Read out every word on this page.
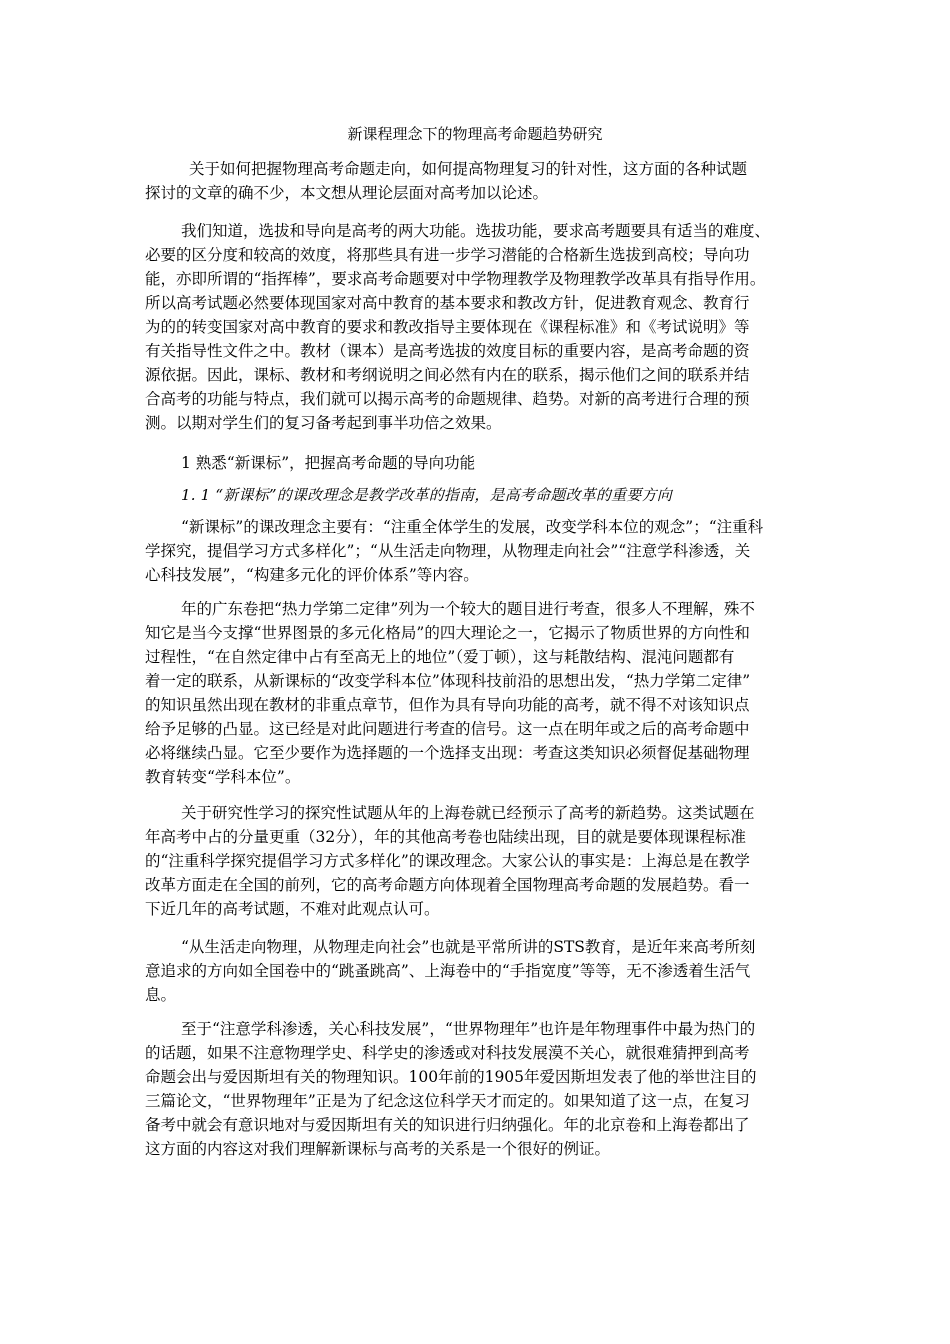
新课程理念下的物理高考命题趋势研究
关于如何把握物理高考命题走向，如何提高物理复习的针对性，这方面的各种试题
探讨的文章的确不少，本文想从理论层面对高考加以论述。
我们知道，选拔和导向是高考的两大功能。选拔功能，要求高考题要具有适当的难度、
必要的区分度和较高的效度，将那些具有进一步学习潜能的合格新生选拔到高校；导向功
能，亦即所谓的“指挥棒”，要求高考命题要对中学物理教学及物理教学改革具有指导作用。
所以高考试题必然要体现国家对高中教育的基本要求和教改方针，促进教育观念、教育行
为的的转变国家对高中教育的要求和教改指导主要体现在《课程标准》和《考试说明》等
有关指导性文件之中。教材（课本）是高考选拔的效度目标的重要内容，是高考命题的资
源依据。因此，课标、教材和考纲说明之间必然有内在的联系，揭示他们之间的联系并结
合高考的功能与特点，我们就可以揭示高考的命题规律、趋势。对新的高考进行合理的预
测。以期对学生们的复习备考起到事半功倍之效果。
1 熟悉“新课标”，把握高考命题的导向功能
1. 1 “新课标”的课改理念是教学改革的指南，是高考命题改革的重要方向
“新课标”的课改理念主要有：“注重全体学生的发展，改变学科本位的观念”；“注重科
学探究，提倡学习方式多样化”；“从生活走向物理，从物理走向社会”“注意学科渗透，关
心科技发展”，“构建多元化的评价体系”等内容。
年的广东卷把“热力学第二定律”列为一个较大的题目进行考查，很多人不理解，殊不
知它是当今支撑“世界图景的多元化格局”的四大理论之一，它揭示了物质世界的方向性和
过程性，“在自然定律中占有至高无上的地位”（爱丁顿），这与耗散结构、混沌问题都有
着一定的联系，从新课标的“改变学科本位”体现科技前沿的思想出发，“热力学第二定律”
的知识虽然出现在教材的非重点章节，但作为具有导向功能的高考，就不得不对该知识点
给予足够的凸显。这已经是对此问题进行考查的信号。这一点在明年或之后的高考命题中
必将继续凸显。它至少要作为选择题的一个选择支出现：考查这类知识必须督促基础物理
教育转变“学科本位”。
关于研究性学习的探究性试题从年的上海卷就已经预示了高考的新趋势。这类试题在
年高考中占的分量更重（32分），年的其他高考卷也陆续出现，目的就是要体现课程标准
的“注重科学探究提倡学习方式多样化”的课改理念。大家公认的事实是：上海总是在教学
改革方面走在全国的前列，它的高考命题方向体现着全国物理高考命题的发展趋势。看一
下近几年的高考试题，不难对此观点认可。
“从生活走向物理，从物理走向社会”也就是平常所讲的STS教育，是近年来高考所刻
意追求的方向如全国卷中的“跳蚤跳高”、上海卷中的“手指宽度”等等，无不渗透着生活气
息。
至于“注意学科渗透，关心科技发展”，“世界物理年”也许是年物理事件中最为热门的
的话题，如果不注意物理学史、科学史的渗透或对科技发展漠不关心，就很难猜押到高考
命题会出与爱因斯坦有关的物理知识。100年前的1905年爱因斯坦发表了他的举世注目的
三篇论文，“世界物理年”正是为了纪念这位科学天才而定的。如果知道了这一点，在复习
备考中就会有意识地对与爱因斯坦有关的知识进行归纳强化。年的北京卷和上海卷都出了
这方面的内容这对我们理解新课标与高考的关系是一个很好的例证。
